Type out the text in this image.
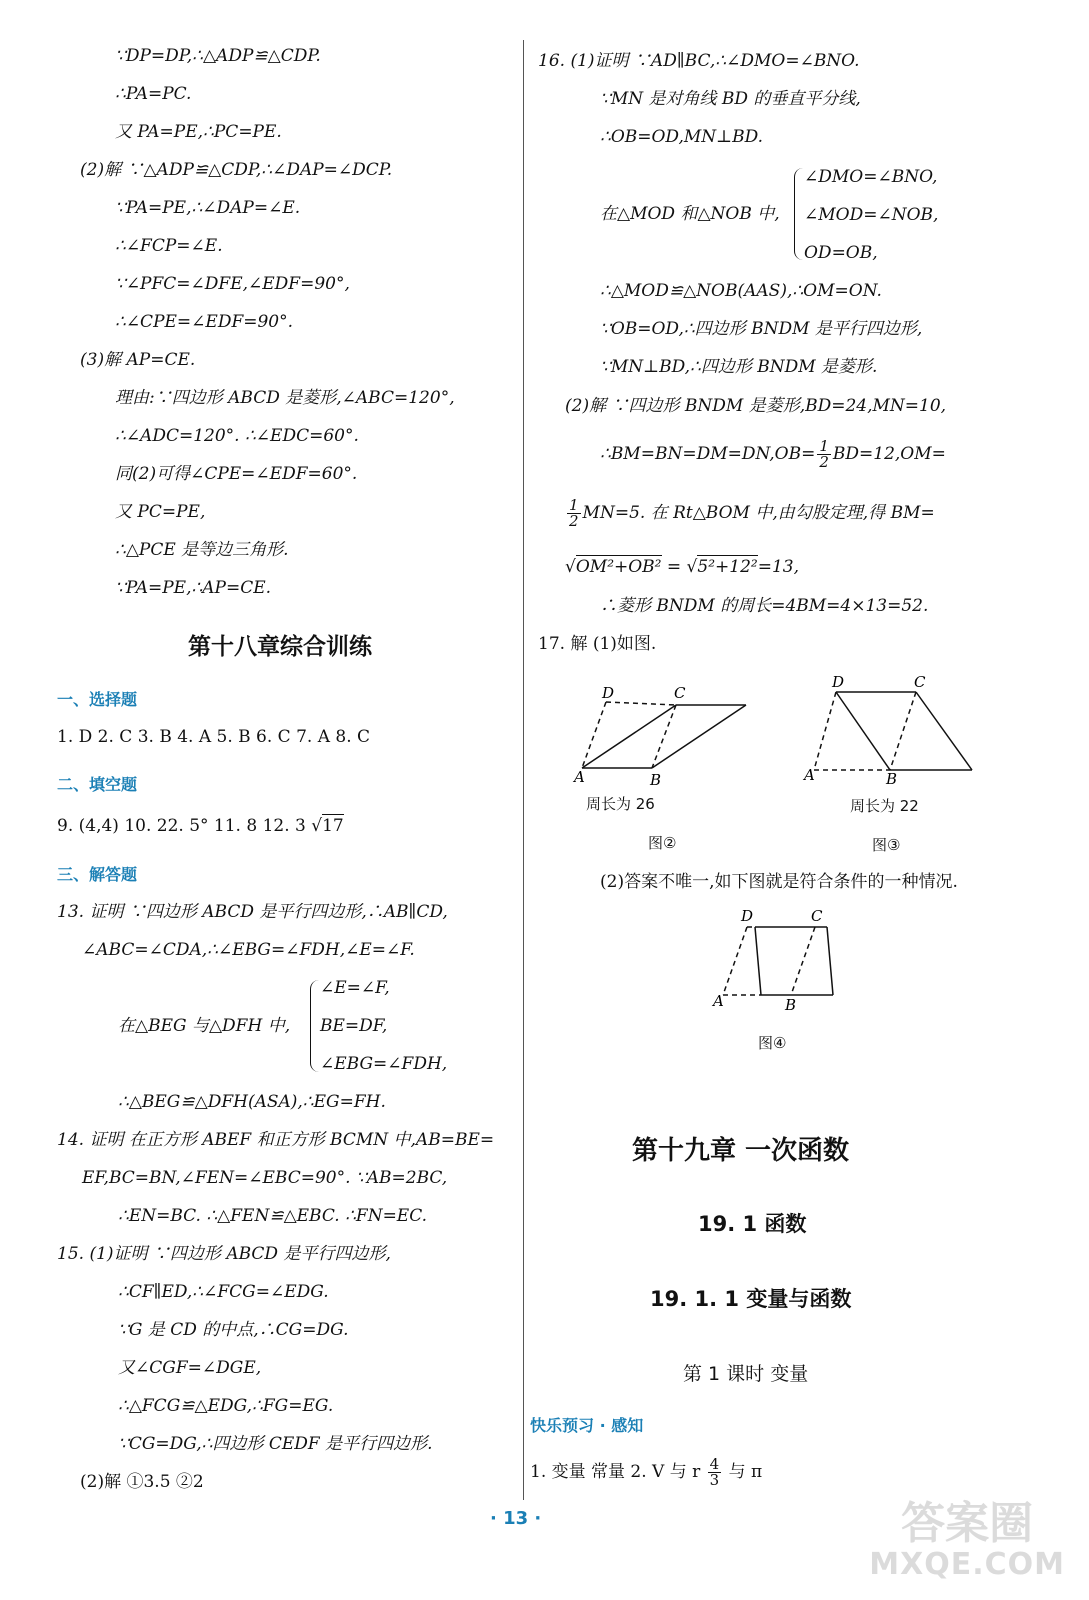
∵DP=DP,∴△ADP≌△CDP.
∴PA=PC.
又 PA=PE,∴PC=PE.
(2)解 ∵△ADP≌△CDP,∴∠DAP=∠DCP.
∵PA=PE,∴∠DAP=∠E.
∴∠FCP=∠E.
∵∠PFC=∠DFE,∠EDF=90°,
∴∠CPE=∠EDF=90°.
(3)解 AP=CE.
理由:∵四边形 ABCD 是菱形,∠ABC=120°,
∴∠ADC=120°. ∴∠EDC=60°.
同(2)可得∠CPE=∠EDF=60°.
又 PC=PE,
∴△PCE 是等边三角形.
∵PA=PE,∴AP=CE.
第十八章综合训练
一、选择题
1. D 2. C 3. B 4. A 5. B 6. C 7. A 8. C
二、填空题
9. (4,4) 10. 22. 5° 11. 8 12. 3 √17
三、解答题
13. 证明 ∵四边形 ABCD 是平行四边形,∴AB∥CD,
∠ABC=∠CDA,∴∠EBG=∠FDH,∠E=∠F.
在△BEG 与△DFH 中,
∠E=∠F,
BE=DF,
∠EBG=∠FDH,
∴△BEG≌△DFH(ASA),∴EG=FH.
14. 证明 在正方形 ABEF 和正方形 BCMN 中,AB=BE=
EF,BC=BN,∠FEN=∠EBC=90°. ∵AB=2BC,
∴EN=BC. ∴△FEN≌△EBC. ∴FN=EC.
15. (1)证明 ∵四边形 ABCD 是平行四边形,
∴CF∥ED,∴∠FCG=∠EDG.
∵G 是 CD 的中点,∴CG=DG.
又∠CGF=∠DGE,
∴△FCG≌△EDG,∴FG=EG.
∵CG=DG,∴四边形 CEDF 是平行四边形.
(2)解 ①3.5 ②2
16. (1)证明 ∵AD∥BC,∴∠DMO=∠BNO.
∵MN 是对角线 BD 的垂直平分线,
∴OB=OD,MN⊥BD.
在△MOD 和△NOB 中,
∠DMO=∠BNO,
∠MOD=∠NOB,
OD=OB,
∴△MOD≌△NOB(AAS),∴OM=ON.
∵OB=OD,∴四边形 BNDM 是平行四边形,
∵MN⊥BD,∴四边形 BNDM 是菱形.
(2)解 ∵四边形 BNDM 是菱形,BD=24,MN=10,
∴BM=BN=DM=DN,OB= $\frac{1}{2} BD=12,OM=$
$\frac{1}{2} MN=5$. 在 Rt△BOM 中,由勾股定理,得 BM=
√OM²+OB² = √5²+12²=13,
∴菱形 BNDM 的周长=4BM=4×13=52.
17. 解 (1)如图.
D	C
A	B
周长为 26
图②
D	C
A	B
周长为 22
图③
(2)答案不唯一,如下图就是符合条件的一种情况.
D	C
A	B
图④
第十九章 一次函数
19. 1 函数
19. 1. 1 变量与函数
第 1 课时 变量
快乐预习 · 感知
1. 变量 常量 2. V 与 r $\frac{4}{3}$ 与 π
· 13 ·	答案圈
MXQE.COM
